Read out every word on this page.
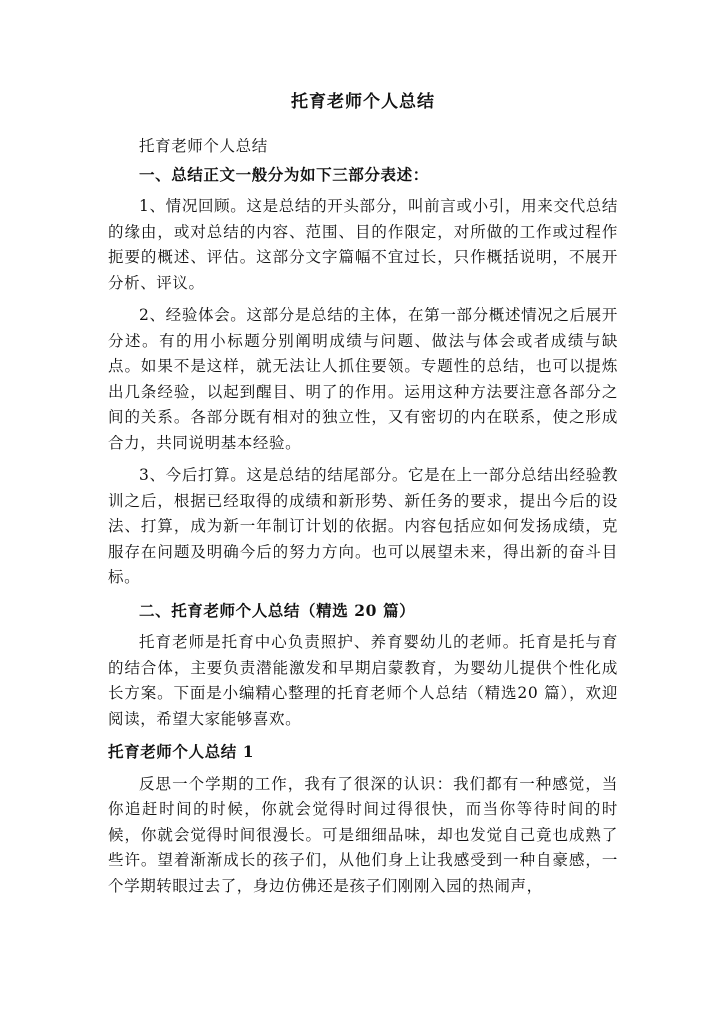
托育老师个人总结
托育老师个人总结
一、总结正文一般分为如下三部分表述：
1、情况回顾。这是总结的开头部分，叫前言或小引，用来交代总结的缘由，或对总结的内容、范围、目的作限定，对所做的工作或过程作扼要的概述、评估。这部分文字篇幅不宜过长，只作概括说明，不展开分析、评议。
2、经验体会。这部分是总结的主体，在第一部分概述情况之后展开分述。有的用小标题分别阐明成绩与问题、做法与体会或者成绩与缺点。如果不是这样，就无法让人抓住要领。专题性的总结，也可以提炼出几条经验，以起到醒目、明了的作用。运用这种方法要注意各部分之间的关系。各部分既有相对的独立性，又有密切的内在联系，使之形成合力，共同说明基本经验。
3、今后打算。这是总结的结尾部分。它是在上一部分总结出经验教训之后，根据已经取得的成绩和新形势、新任务的要求，提出今后的设法、打算，成为新一年制订计划的依据。内容包括应如何发扬成绩，克服存在问题及明确今后的努力方向。也可以展望未来，得出新的奋斗目标。
二、托育老师个人总结（精选 20 篇）
托育老师是托育中心负责照护、养育婴幼儿的老师。托育是托与育的结合体，主要负责潜能激发和早期启蒙教育，为婴幼儿提供个性化成长方案。下面是小编精心整理的托育老师个人总结（精选20 篇），欢迎阅读，希望大家能够喜欢。
托育老师个人总结 1
反思一个学期的工作，我有了很深的认识：我们都有一种感觉，当你追赶时间的时候，你就会觉得时间过得很快，而当你等待时间的时候，你就会觉得时间很漫长。可是细细品味，却也发觉自己竟也成熟了些许。望着渐渐成长的孩子们，从他们身上让我感受到一种自豪感，一个学期转眼过去了，身边仿佛还是孩子们刚刚入园的热闹声，
